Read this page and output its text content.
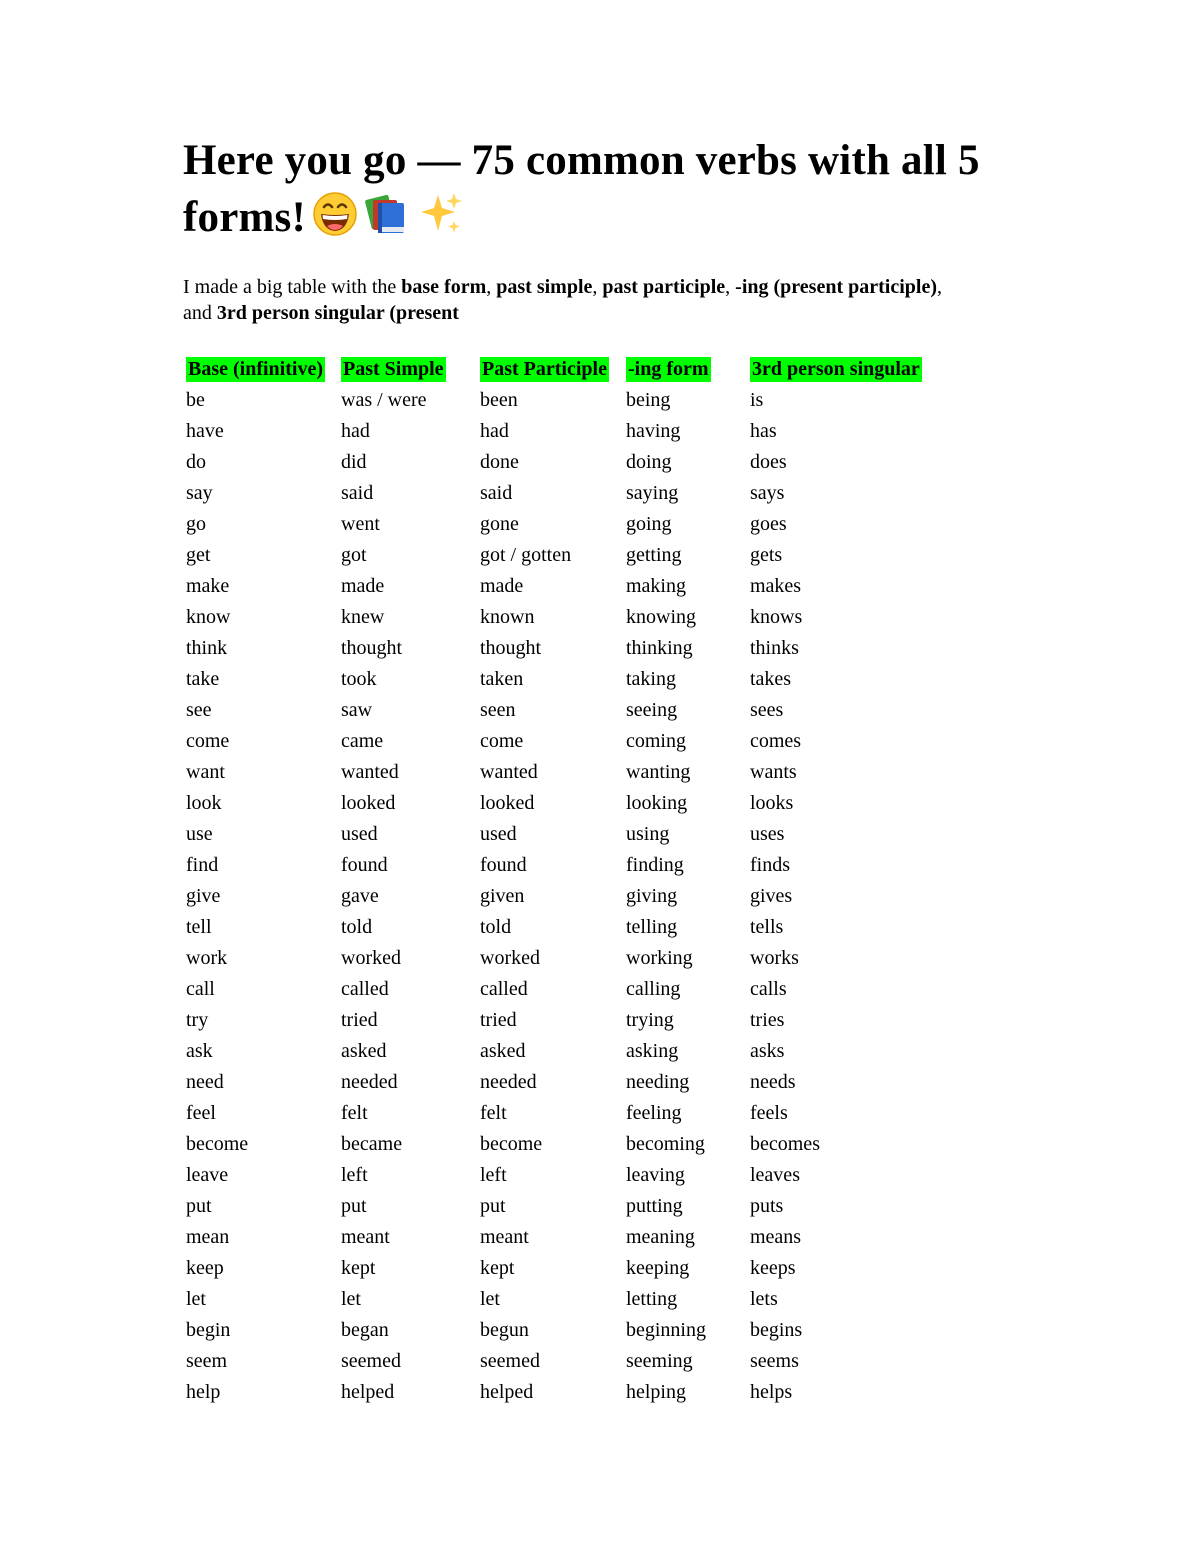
Here you go — 75 common verbs with all 5 forms!

I made a big table with the base form, past simple, past participle, -ing (present participle), and 3rd person singular (present

Base (infinitive)	Past Simple	Past Participle	-ing form	3rd person singular
be	was / were	been	being	is
have	had	had	having	has
do	did	done	doing	does
say	said	said	saying	says
go	went	gone	going	goes
get	got	got / gotten	getting	gets
make	made	made	making	makes
know	knew	known	knowing	knows
think	thought	thought	thinking	thinks
take	took	taken	taking	takes
see	saw	seen	seeing	sees
come	came	come	coming	comes
want	wanted	wanted	wanting	wants
look	looked	looked	looking	looks
use	used	used	using	uses
find	found	found	finding	finds
give	gave	given	giving	gives
tell	told	told	telling	tells
work	worked	worked	working	works
call	called	called	calling	calls
try	tried	tried	trying	tries
ask	asked	asked	asking	asks
need	needed	needed	needing	needs
feel	felt	felt	feeling	feels
become	became	become	becoming	becomes
leave	left	left	leaving	leaves
put	put	put	putting	puts
mean	meant	meant	meaning	means
keep	kept	kept	keeping	keeps
let	let	let	letting	lets
begin	began	begun	beginning	begins
seem	seemed	seemed	seeming	seems
help	helped	helped	helping	helps
